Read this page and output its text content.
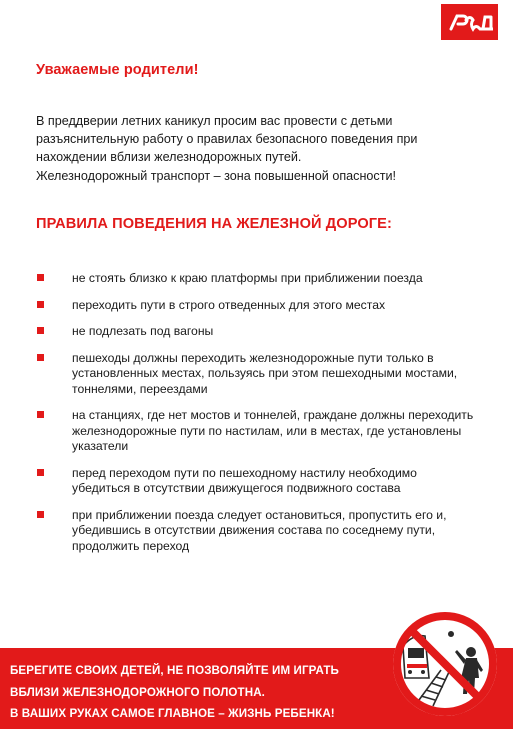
Уважаемые родители!

В преддверии летних каникул просим вас провести с детьми разъяснительную работу о правилах безопасного поведения при нахождении вблизи железнодорожных путей.

Железнодорожный транспорт – зона повышенной опасности!

ПРАВИЛА ПОВЕДЕНИЯ НА ЖЕЛЕЗНОЙ ДОРОГЕ:
не стоять близко к краю платформы при приближении поезда
переходить пути в строго отведенных для этого местах
не подлезать под вагоны
пешеходы должны переходить железнодорожные пути только в установленных местах, пользуясь при этом пешеходными мостами, тоннелями, переездами
на станциях, где нет мостов и тоннелей, граждане должны переходить железнодорожные пути по настилам, или в местах, где установлены указатели
перед переходом пути по пешеходному настилу необходимо убедиться в отсутствии движущегося подвижного состава
при приближении поезда следует остановиться, пропустить его и, убедившись в отсутствии движения состава по соседнему пути, продолжить переход
БЕРЕГИТЕ СВОИХ ДЕТЕЙ, НЕ ПОЗВОЛЯЙТЕ ИМ ИГРАТЬ
ВБЛИЗИ ЖЕЛЕЗНОДОРОЖНОГО ПОЛОТНА.
В ВАШИХ РУКАХ САМОЕ ГЛАВНОЕ – ЖИЗНЬ РЕБЕНКА!
